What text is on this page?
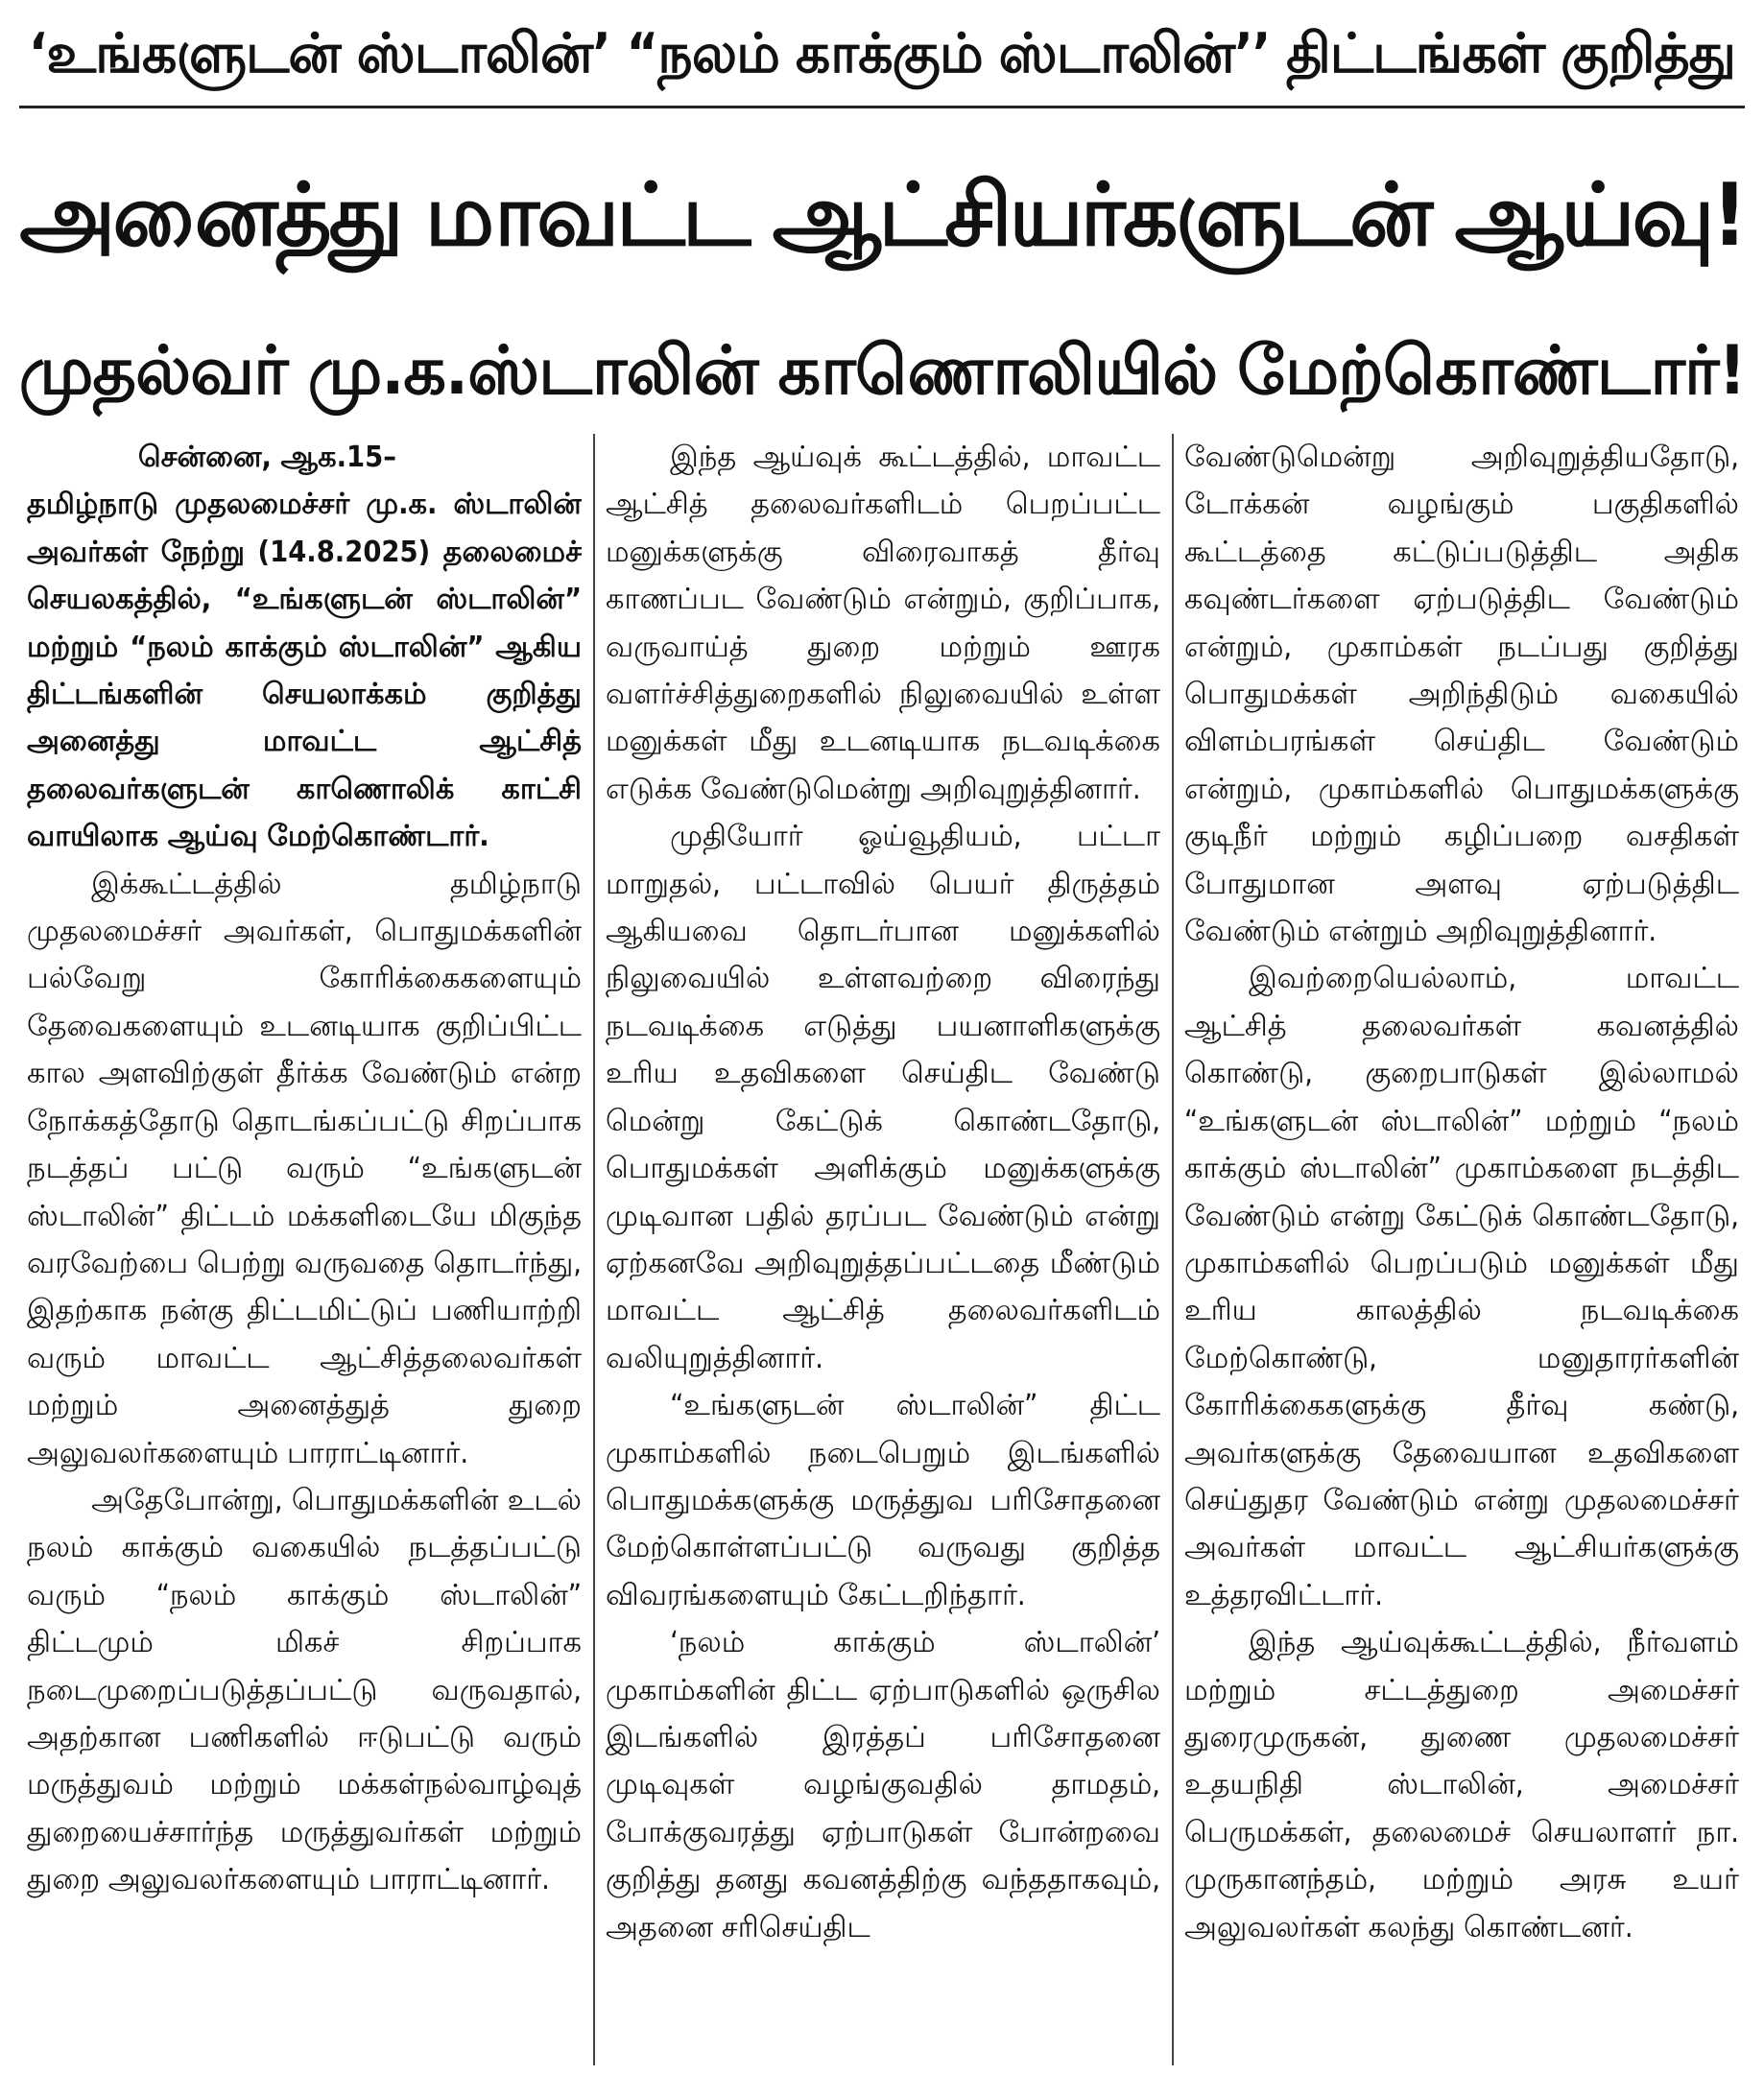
‘உங்களுடன் ஸ்டாலின்’ “நலம் காக்கும் ஸ்டாலின்’’ திட்டங்கள் குறித்து
அனைத்து மாவட்ட ஆட்சியர்களுடன் ஆய்வு!
முதல்வர் மு.க.ஸ்டாலின் காணொலியில் மேற்கொண்டார்!

சென்னை, ஆக.15–
தமிழ்நாடு முதலமைச்சர் மு.க. ஸ்டாலின் அவர்கள் நேற்று (14.8.2025) தலைமைச் செயலகத்தில், “உங்களுடன் ஸ்டாலின்” மற்றும் “நலம் காக்கும் ஸ்டாலின்” ஆகிய திட்டங்களின் செயலாக்கம் குறித்து அனைத்து மாவட்ட ஆட்சித் தலைவர்களுடன் காணொலிக் காட்சி வாயிலாக ஆய்வு மேற்கொண்டார்.

இக்கூட்டத்தில் தமிழ்நாடு முதலமைச்சர் அவர்கள், பொதுமக்களின் பல்வேறு கோரிக்கைகளையும் தேவைகளையும் உடனடியாக குறிப்பிட்ட கால அளவிற்குள் தீர்க்க வேண்டும் என்ற நோக்கத்தோடு தொடங்கப்பட்டு சிறப்பாக நடத்தப் பட்டு வரும் “உங்களுடன் ஸ்டாலின்” திட்டம் மக்களிடையே மிகுந்த வரவேற்பை பெற்று வருவதை தொடர்ந்து, இதற்காக நன்கு திட்டமிட்டுப் பணியாற்றி வரும் மாவட்ட ஆட்சித்தலைவர்கள் மற்றும் அனைத்துத் துறை அலுவலர்களையும் பாராட்டினார்.

அதேபோன்று, பொதுமக்களின் உடல் நலம் காக்கும் வகையில் நடத்தப்பட்டு வரும் “நலம் காக்கும் ஸ்டாலின்” திட்டமும் மிகச் சிறப்பாக நடைமுறைப்படுத்தப்பட்டு வருவதால், அதற்கான பணிகளில் ஈடுபட்டு வரும் மருத்துவம் மற்றும் மக்கள்நல்வாழ்வுத் துறையைச்சார்ந்த மருத்துவர்கள் மற்றும் துறை அலுவலர்களையும் பாராட்டினார்.

இந்த ஆய்வுக் கூட்டத்தில், மாவட்ட ஆட்சித் தலைவர்களிடம் பெறப்பட்ட மனுக்களுக்கு விரைவாகத் தீர்வு காணப்பட வேண்டும் என்றும், குறிப்பாக, வருவாய்த் துறை மற்றும் ஊரக வளர்ச்சித்துறைகளில் நிலுவையில் உள்ள மனுக்கள் மீது உடனடியாக நடவடிக்கை எடுக்க வேண்டுமென்று அறிவுறுத்தினார்.

முதியோர் ஓய்வூதியம், பட்டா மாறுதல், பட்டாவில் பெயர் திருத்தம் ஆகியவை தொடர்பான மனுக்களில் நிலுவையில் உள்ளவற்றை விரைந்து நடவடிக்கை எடுத்து பயனாளிகளுக்கு உரிய உதவிகளை செய்திட வேண்டு மென்று கேட்டுக் கொண்டதோடு, பொதுமக்கள் அளிக்கும் மனுக்களுக்கு முடிவான பதில் தரப்பட வேண்டும் என்று ஏற்கனவே அறிவுறுத்தப்பட்டதை மீண்டும் மாவட்ட ஆட்சித் தலைவர்களிடம் வலியுறுத்தினார்.

“உங்களுடன் ஸ்டாலின்” திட்ட முகாம்களில் நடைபெறும் இடங்களில் பொதுமக்களுக்கு மருத்துவ பரிசோதனை மேற்கொள்ளப்பட்டு வருவது குறித்த விவரங்களையும் கேட்டறிந்தார்.

‘நலம் காக்கும் ஸ்டாலின்’ முகாம்களின் திட்ட ஏற்பாடுகளில் ஒருசில இடங்களில் இரத்தப் பரிசோதனை முடிவுகள் வழங்குவதில் தாமதம், போக்குவரத்து ஏற்பாடுகள் போன்றவை குறித்து தனது கவனத்திற்கு வந்ததாகவும், அதனை சரிசெய்திட

வேண்டுமென்று அறிவுறுத்தியதோடு, டோக்கன் வழங்கும் பகுதிகளில் கூட்டத்தை கட்டுப்படுத்திட அதிக கவுண்டர்களை ஏற்படுத்திட வேண்டும் என்றும், முகாம்கள் நடப்பது குறித்து பொதுமக்கள் அறிந்திடும் வகையில் விளம்பரங்கள் செய்திட வேண்டும் என்றும், முகாம்களில் பொதுமக்களுக்கு குடிநீர் மற்றும் கழிப்பறை வசதிகள் போதுமான அளவு ஏற்படுத்திட வேண்டும் என்றும் அறிவுறுத்தினார்.

இவற்றையெல்லாம், மாவட்ட ஆட்சித் தலைவர்கள் கவனத்தில் கொண்டு, குறைபாடுகள் இல்லாமல் “உங்களுடன் ஸ்டாலின்” மற்றும் “நலம் காக்கும் ஸ்டாலின்” முகாம்களை நடத்திட வேண்டும் என்று கேட்டுக் கொண்டதோடு, முகாம்களில் பெறப்படும் மனுக்கள் மீது உரிய காலத்தில் நடவடிக்கை மேற்கொண்டு, மனுதாரர்களின் கோரிக்கைகளுக்கு தீர்வு கண்டு, அவர்களுக்கு தேவையான உதவிகளை செய்துதர வேண்டும் என்று முதலமைச்சர் அவர்கள் மாவட்ட ஆட்சியர்களுக்கு உத்தரவிட்டார்.

இந்த ஆய்வுக்கூட்டத்தில், நீர்வளம் மற்றும் சட்டத்துறை அமைச்சர் துரைமுருகன், துணை முதலமைச்சர் உதயநிதி ஸ்டாலின், அமைச்சர் பெருமக்கள், தலைமைச் செயலாளர் நா. முருகானந்தம், மற்றும் அரசு உயர் அலுவலர்கள் கலந்து கொண்டனர்.
